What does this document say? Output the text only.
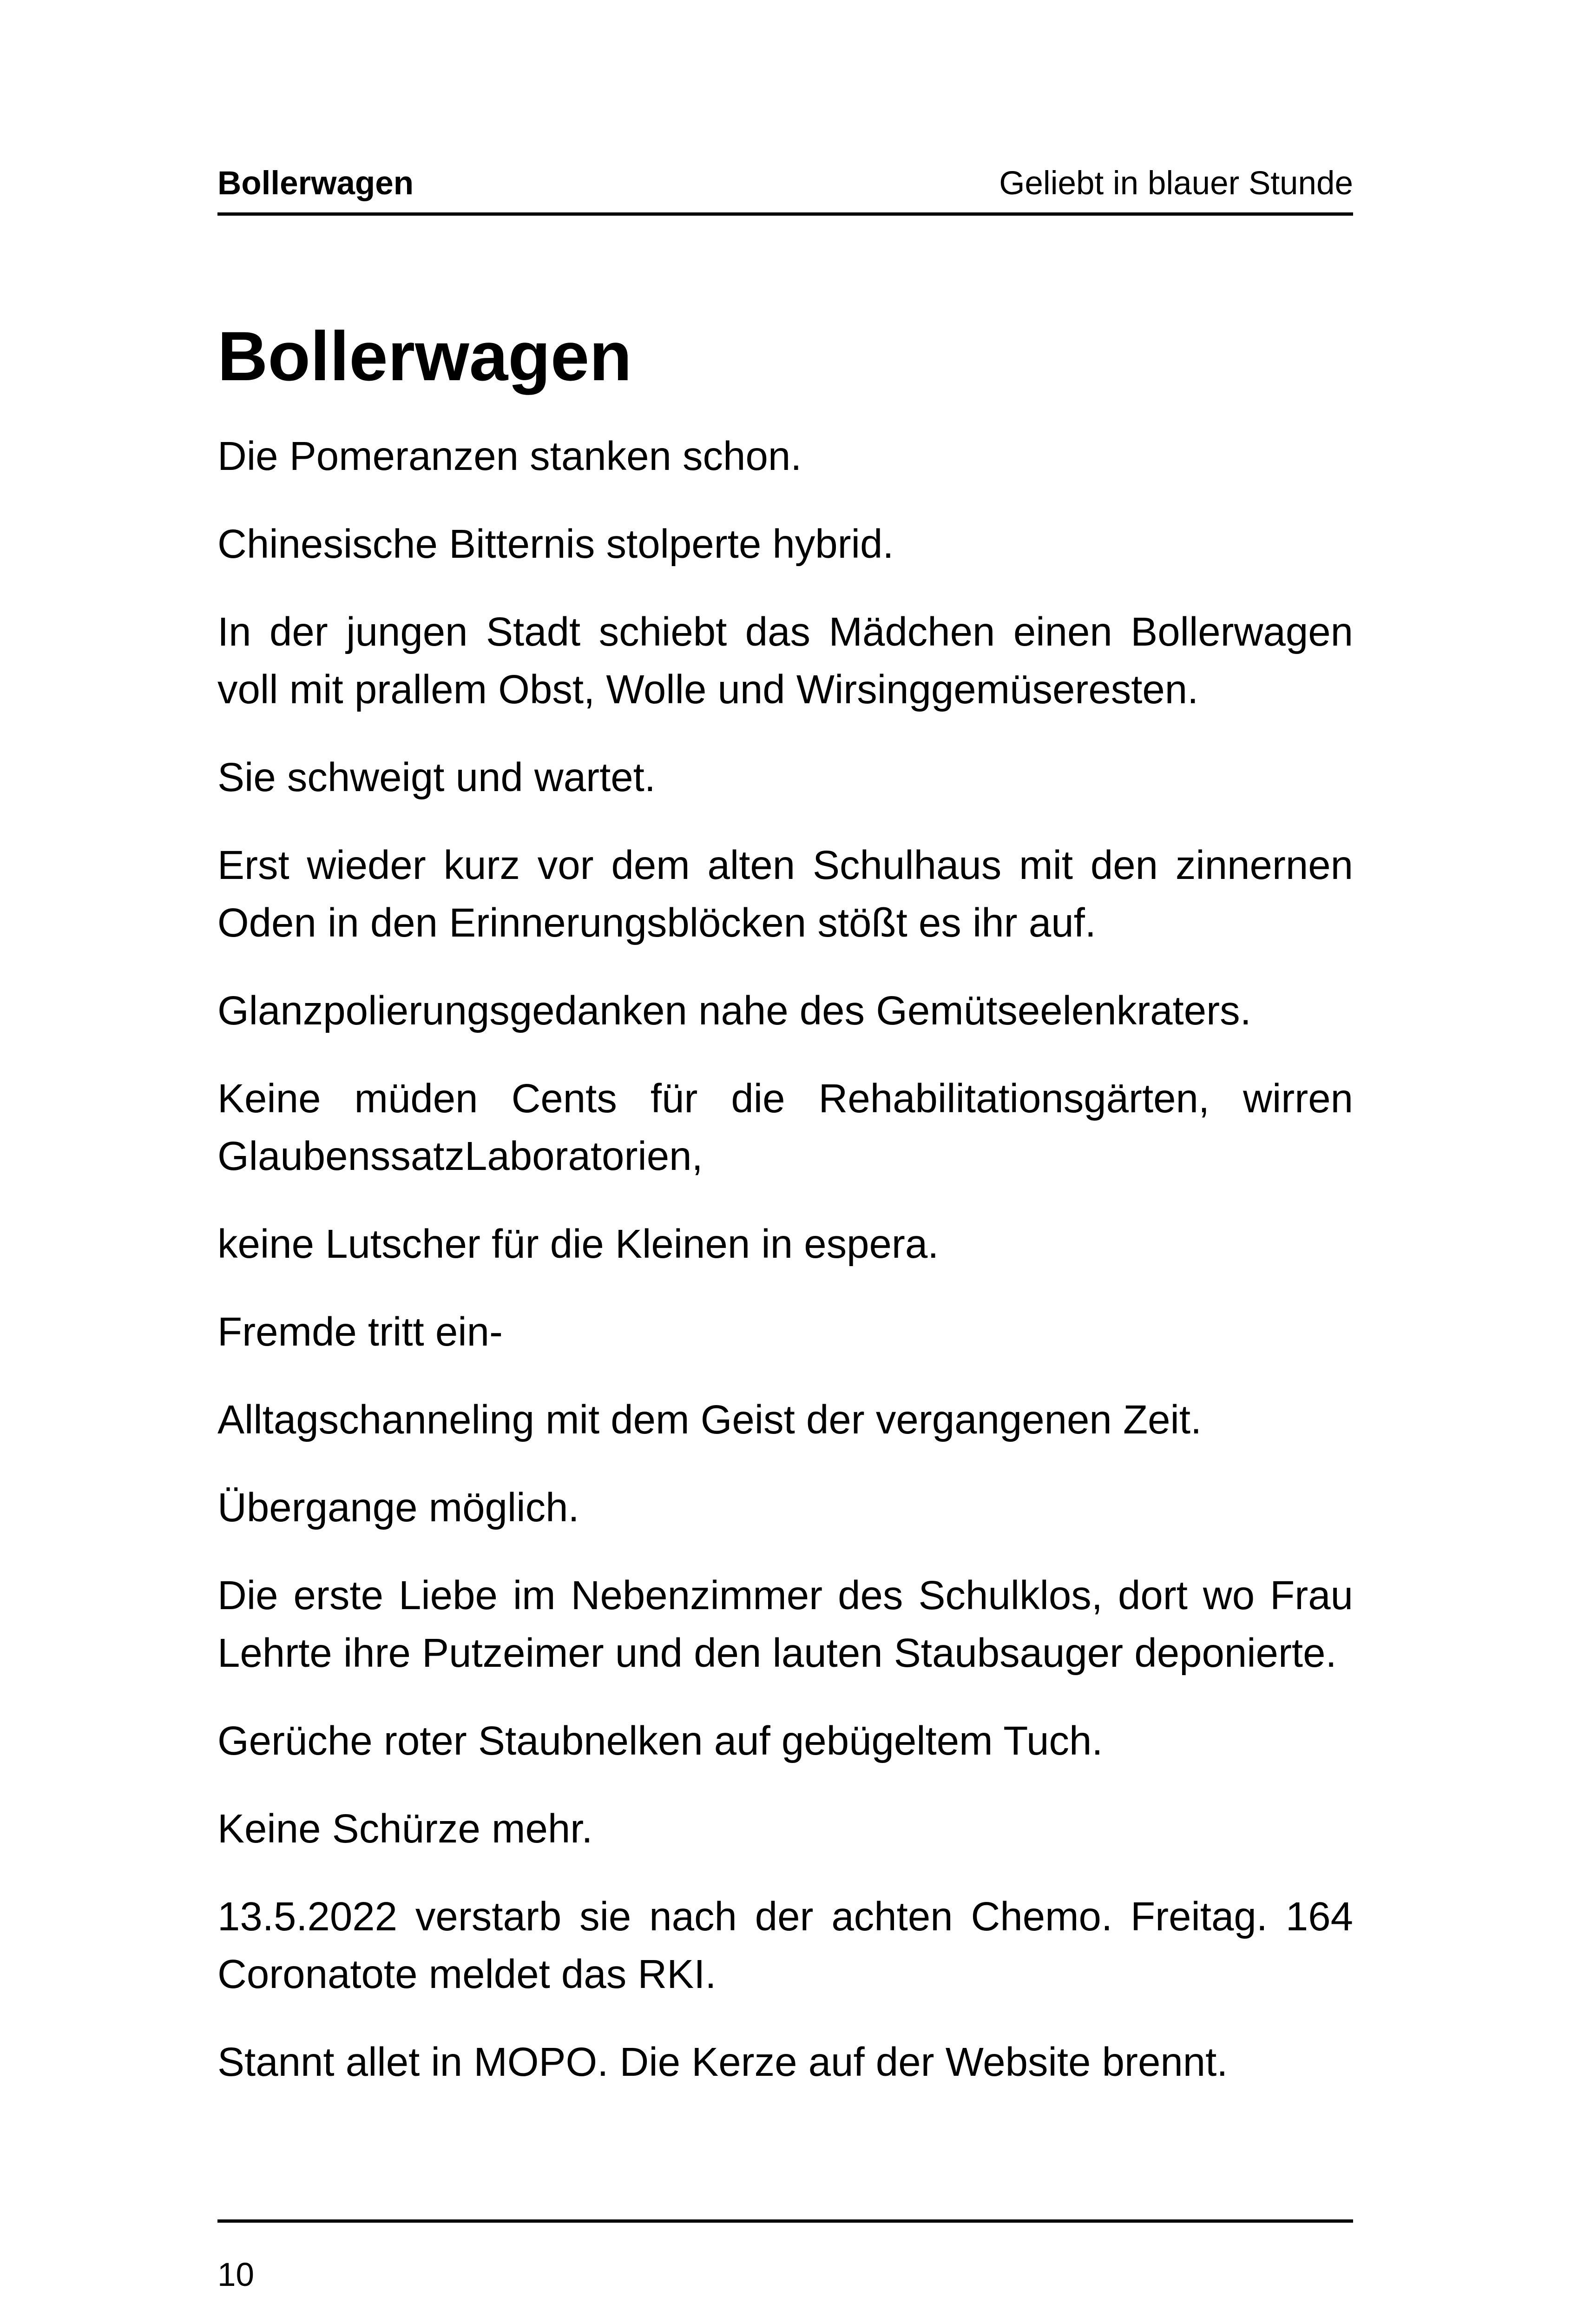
Bollerwagen	Geliebt in blauer Stunde
Bollerwagen

Die Pomeranzen stanken schon.

Chinesische Bitternis stolperte hybrid.

In der jungen Stadt schiebt das Mädchen einen Bollerwagen voll mit prallem Obst, Wolle und Wirsinggemüseresten.

Sie schweigt und wartet.

Erst wieder kurz vor dem alten Schulhaus mit den zinnernen Oden in den Erinnerungsblöcken stößt es ihr auf.

Glanzpolierungsgedanken nahe des Gemütseelenkraters.

Keine müden Cents für die Rehabilitationsgärten, wirren GlaubenssatzLaboratorien,

keine Lutscher für die Kleinen in espera.

Fremde tritt ein-

Alltagschanneling mit dem Geist der vergangenen Zeit.

Übergange möglich.

Die erste Liebe im Nebenzimmer des Schulklos, dort wo Frau Lehrte ihre Putzeimer und den lauten Staubsauger deponierte.

Gerüche roter Staubnelken auf gebügeltem Tuch.

Keine Schürze mehr.

13.5.2022 verstarb sie nach der achten Chemo. Freitag. 164 Coronatote meldet das RKI.

Stannt allet in MOPO. Die Kerze auf der Website brennt.

10
